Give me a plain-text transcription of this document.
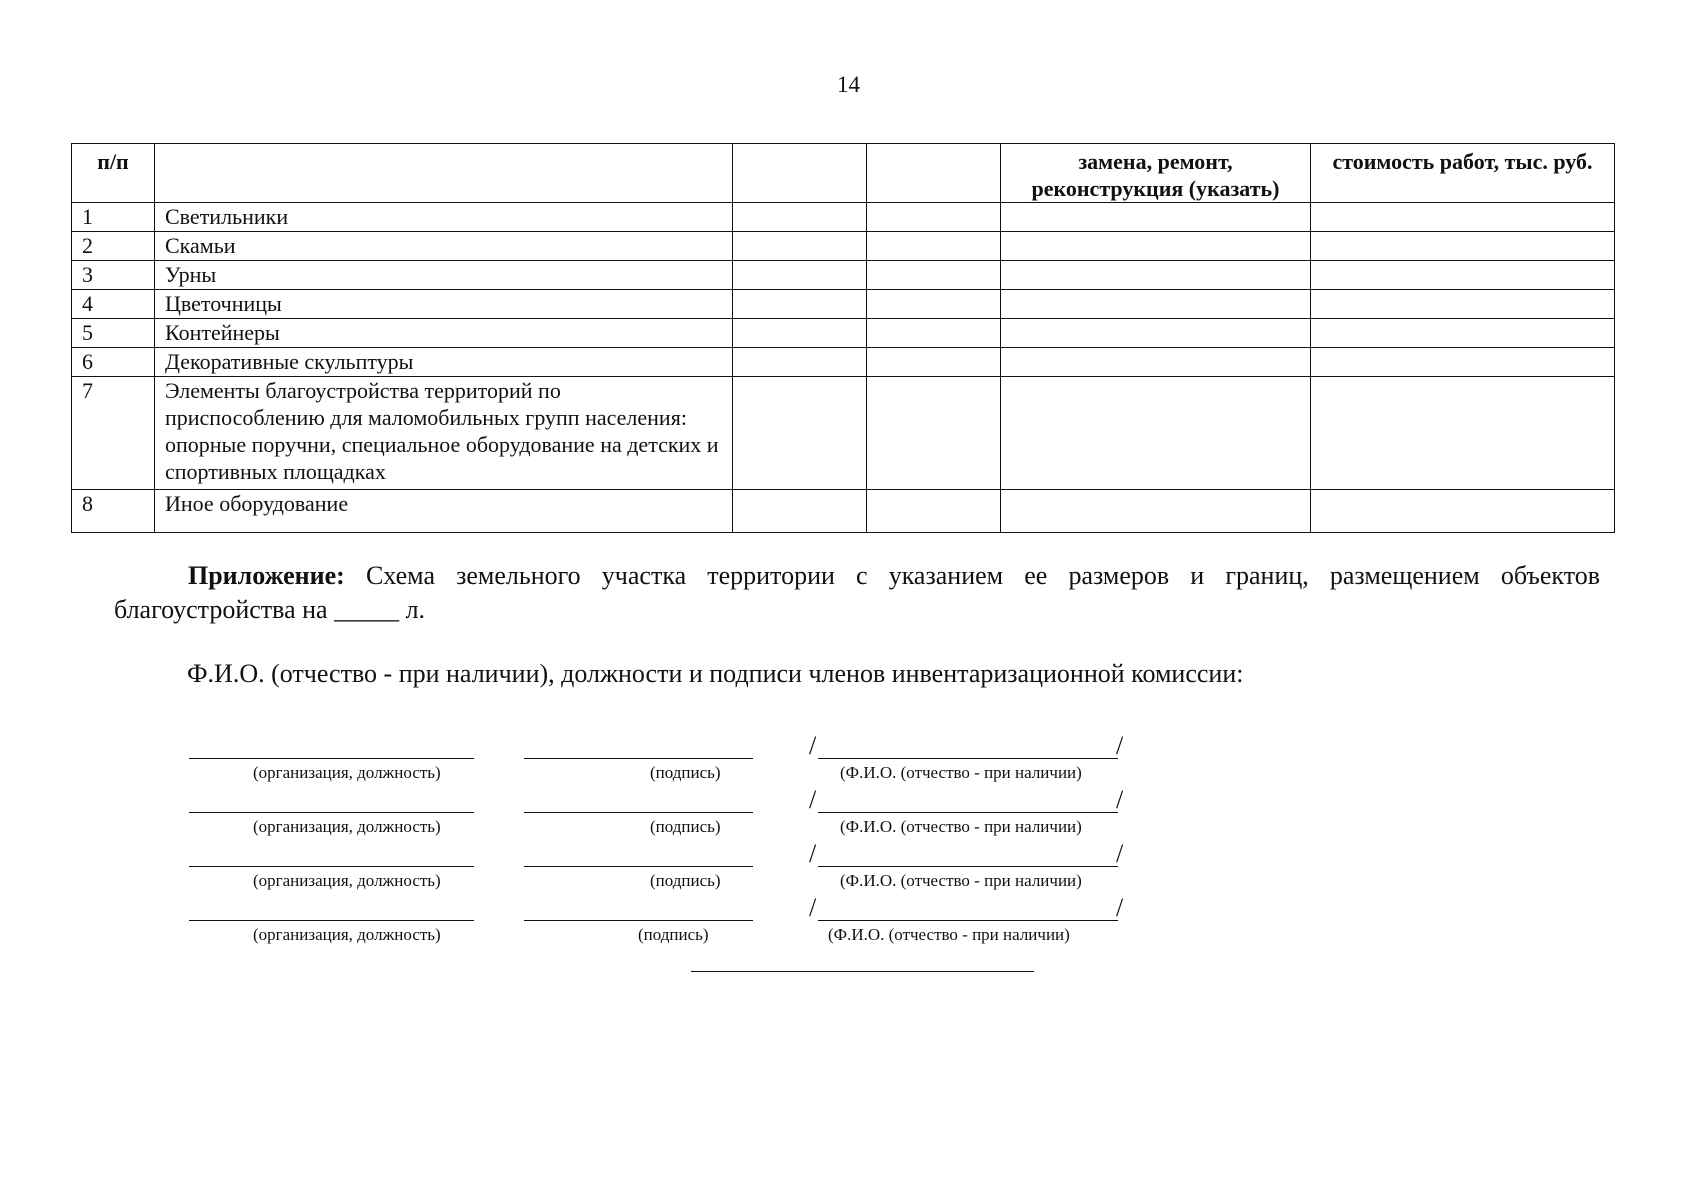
14
п/п				замена, ремонт, реконструкция (указать)	стоимость работ, тыс. руб.
1	Светильники				
2	Скамьи				
3	Урны				
4	Цветочницы				
5	Контейнеры				
6	Декоративные скульптуры				
7	Элементы благоустройства территорий по приспособлению для маломобильных групп населения: опорные поручни, специальное оборудование на детских и спортивных площадках				
8	Иное оборудование				
Приложение: Схема земельного участка территории с указанием ее размеров и границ, размещением объектов благоустройства на _____ л.
Ф.И.О. (отчество - при наличии), должности и подписи членов инвентаризационной комиссии:
/	/
(организация, должность)	(подпись)	(Ф.И.О. (отчество - при наличии)
/	/
(организация, должность)	(подпись)	(Ф.И.О. (отчество - при наличии)
/	/
(организация, должность)	(подпись)	(Ф.И.О. (отчество - при наличии)
/	/
(организация, должность)	(подпись)	(Ф.И.О. (отчество - при наличии)
